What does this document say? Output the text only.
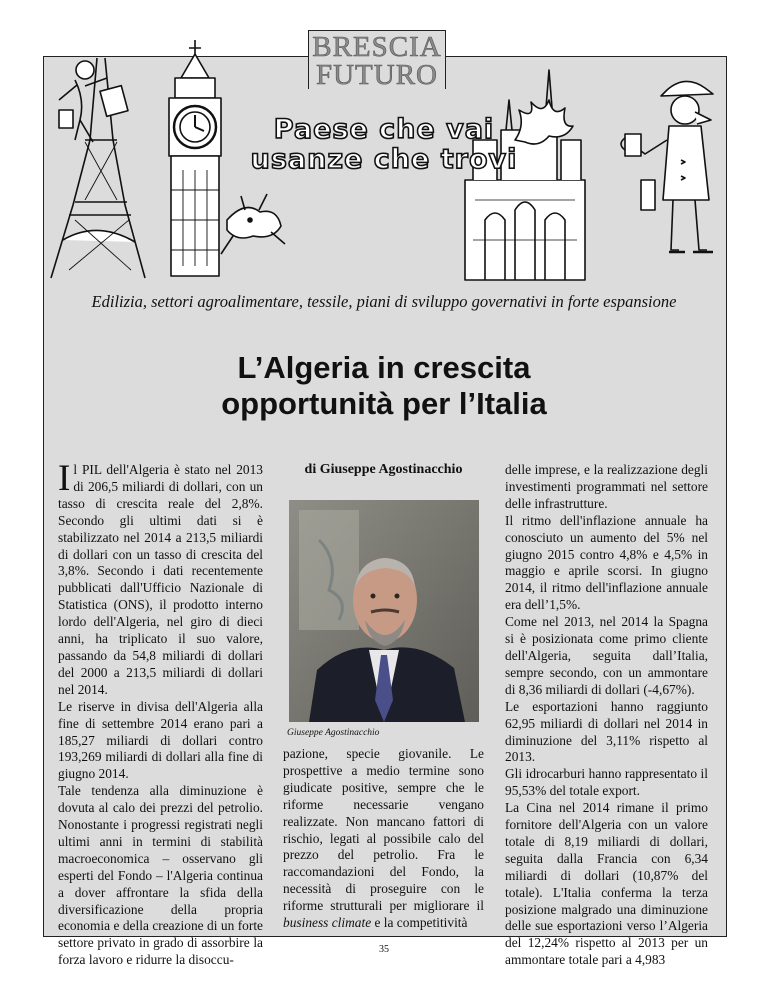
BRESCIA
FUTURO
Paese che vai
usanze che trovi
Edilizia, settori agroalimentare, tessile, piani di sviluppo governativi in forte espansione
L’Algeria in crescita
opportunità per l’Italia

Il PIL dell'Algeria è stato nel 2013 di 206,5 miliardi di dollari, con un tasso di crescita reale del 2,8%. Secondo gli ultimi dati si è stabilizzato nel 2014 a 213,5 miliardi di dollari con un tasso di crescita del 3,8%. Secondo i dati recentemente pubblicati dall'Ufficio Nazionale di Statistica (ONS), il prodotto interno lordo dell'Algeria, nel giro di dieci anni, ha triplicato il suo valore, passando da 54,8 miliardi di dollari del 2000 a 213,5 miliardi di dollari nel 2014.

Le riserve in divisa dell'Algeria alla fine di settembre 2014 erano pari a 185,27 miliardi di dollari contro 193,269 miliardi di dollari alla fine di giugno 2014.

Tale tendenza alla diminuzione è dovuta al calo dei prezzi del petrolio. Nonostante i progressi registrati negli ultimi anni in termini di stabilità macroeconomica – osservano gli esperti del Fondo – l'Algeria continua a dover affrontare la sfida della diversificazione della propria economia e della creazione di un forte settore privato in grado di assorbire la forza lavoro e ridurre la disoccu-

di Giuseppe Agostinacchio
Giuseppe Agostinacchio

pazione, specie giovanile. Le prospettive a medio termine sono giudicate positive, sempre che le riforme necessarie vengano realizzate. Non mancano fattori di rischio, legati al possibile calo del prezzo del petrolio. Fra le raccomandazioni del Fondo, la necessità di proseguire con le riforme strutturali per migliorare il business climate e la competitività

delle imprese, e la realizzazione degli investimenti programmati nel settore delle infrastrutture.

Il ritmo dell'inflazione annuale ha conosciuto un aumento del 5% nel giugno 2015 contro 4,8% e 4,5% in maggio e aprile scorsi. In giugno 2014, il ritmo dell'inflazione annuale era dell’1,5%.

Come nel 2013, nel 2014 la Spagna si è posizionata come primo cliente dell'Algeria, seguita dall’Italia, sempre secondo, con un ammontare di 8,36 miliardi di dollari (-4,67%).

Le esportazioni hanno raggiunto 62,95 miliardi di dollari nel 2014 in diminuzione del 3,11% rispetto al 2013.

Gli idrocarburi hanno rappresentato il 95,53% del totale export.

La Cina nel 2014 rimane il primo fornitore dell'Algeria con un valore totale di 8,19 miliardi di dollari, seguita dalla Francia con 6,34 miliardi di dollari (10,87% del totale). L'Italia conferma la terza posizione malgrado una diminuzione delle sue esportazioni verso l’Algeria del 12,24% rispetto al 2013 per un ammontare totale pari a 4,983

35
